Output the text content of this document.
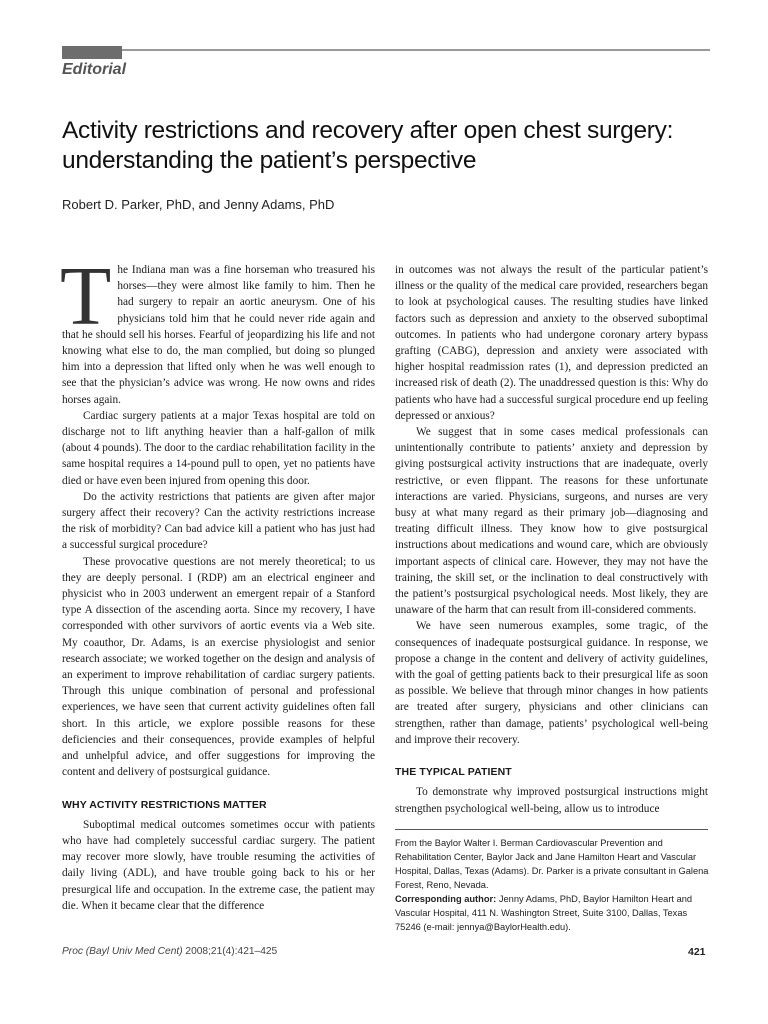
Editorial
Activity restrictions and recovery after open chest surgery:
understanding the patient’s perspective
Robert D. Parker, PhD, and Jenny Adams, PhD

The Indiana man was a fine horseman who treasured his horses—they were almost like family to him. Then he had surgery to repair an aortic aneurysm. One of his physicians told him that he could never ride again and that he should sell his horses. Fearful of jeopardizing his life and not knowing what else to do, the man complied, but doing so plunged him into a depression that lifted only when he was well enough to see that the physician’s advice was wrong. He now owns and rides horses again.

Cardiac surgery patients at a major Texas hospital are told on discharge not to lift anything heavier than a half-gallon of milk (about 4 pounds). The door to the cardiac rehabilitation facility in the same hospital requires a 14-pound pull to open, yet no patients have died or have even been injured from opening this door.

Do the activity restrictions that patients are given after major surgery affect their recovery? Can the activity restrictions increase the risk of morbidity? Can bad advice kill a patient who has just had a successful surgical procedure?

These provocative questions are not merely theoretical; to us they are deeply personal. I (RDP) am an electrical engineer and physicist who in 2003 underwent an emergent repair of a Stanford type A dissection of the ascending aorta. Since my recovery, I have corresponded with other survivors of aortic events via a Web site. My coauthor, Dr. Adams, is an exercise physiologist and senior research associate; we worked together on the design and analysis of an experiment to improve rehabilitation of cardiac surgery patients. Through this unique combination of personal and professional experiences, we have seen that current activity guidelines often fall short. In this article, we explore possible reasons for these deficiencies and their consequences, provide examples of helpful and unhelpful advice, and offer suggestions for improving the content and delivery of postsurgical guidance.

WHY ACTIVITY RESTRICTIONS MATTER

Suboptimal medical outcomes sometimes occur with patients who have had completely successful cardiac surgery. The patient may recover more slowly, have trouble resuming the activities of daily living (ADL), and have trouble going back to his or her presurgical life and occupation. In the extreme case, the patient may die. When it became clear that the difference

in outcomes was not always the result of the particular patient’s illness or the quality of the medical care provided, researchers began to look at psychological causes. The resulting studies have linked factors such as depression and anxiety to the observed suboptimal outcomes. In patients who had undergone coronary artery bypass grafting (CABG), depression and anxiety were associated with higher hospital readmission rates (1), and depression predicted an increased risk of death (2). The unaddressed question is this: Why do patients who have had a successful surgical procedure end up feeling depressed or anxious?

We suggest that in some cases medical professionals can unintentionally contribute to patients’ anxiety and depression by giving postsurgical activity instructions that are inadequate, overly restrictive, or even flippant. The reasons for these unfortunate interactions are varied. Physicians, surgeons, and nurses are very busy at what many regard as their primary job—diagnosing and treating difficult illness. They know how to give postsurgical instructions about medications and wound care, which are obviously important aspects of clinical care. However, they may not have the training, the skill set, or the inclination to deal constructively with the patient’s postsurgical psychological needs. Most likely, they are unaware of the harm that can result from ill-considered comments.

We have seen numerous examples, some tragic, of the consequences of inadequate postsurgical guidance. In response, we propose a change in the content and delivery of activity guidelines, with the goal of getting patients back to their presurgical life as soon as possible. We believe that through minor changes in how patients are treated after surgery, physicians and other clinicians can strengthen, rather than damage, patients’ psychological well-being and improve their recovery.

THE TYPICAL PATIENT

To demonstrate why improved postsurgical instructions might strengthen psychological well-being, allow us to introduce

From the Baylor Walter I. Berman Cardiovascular Prevention and Rehabilitation Center, Baylor Jack and Jane Hamilton Heart and Vascular Hospital, Dallas, Texas (Adams). Dr. Parker is a private consultant in Galena Forest, Reno, Nevada.

Corresponding author: Jenny Adams, PhD, Baylor Hamilton Heart and Vascular Hospital, 411 N. Washington Street, Suite 3100, Dallas, Texas 75246 (e-mail: jennya@BaylorHealth.edu).

Proc (Bayl Univ Med Cent) 2008;21(4):421–425	421
